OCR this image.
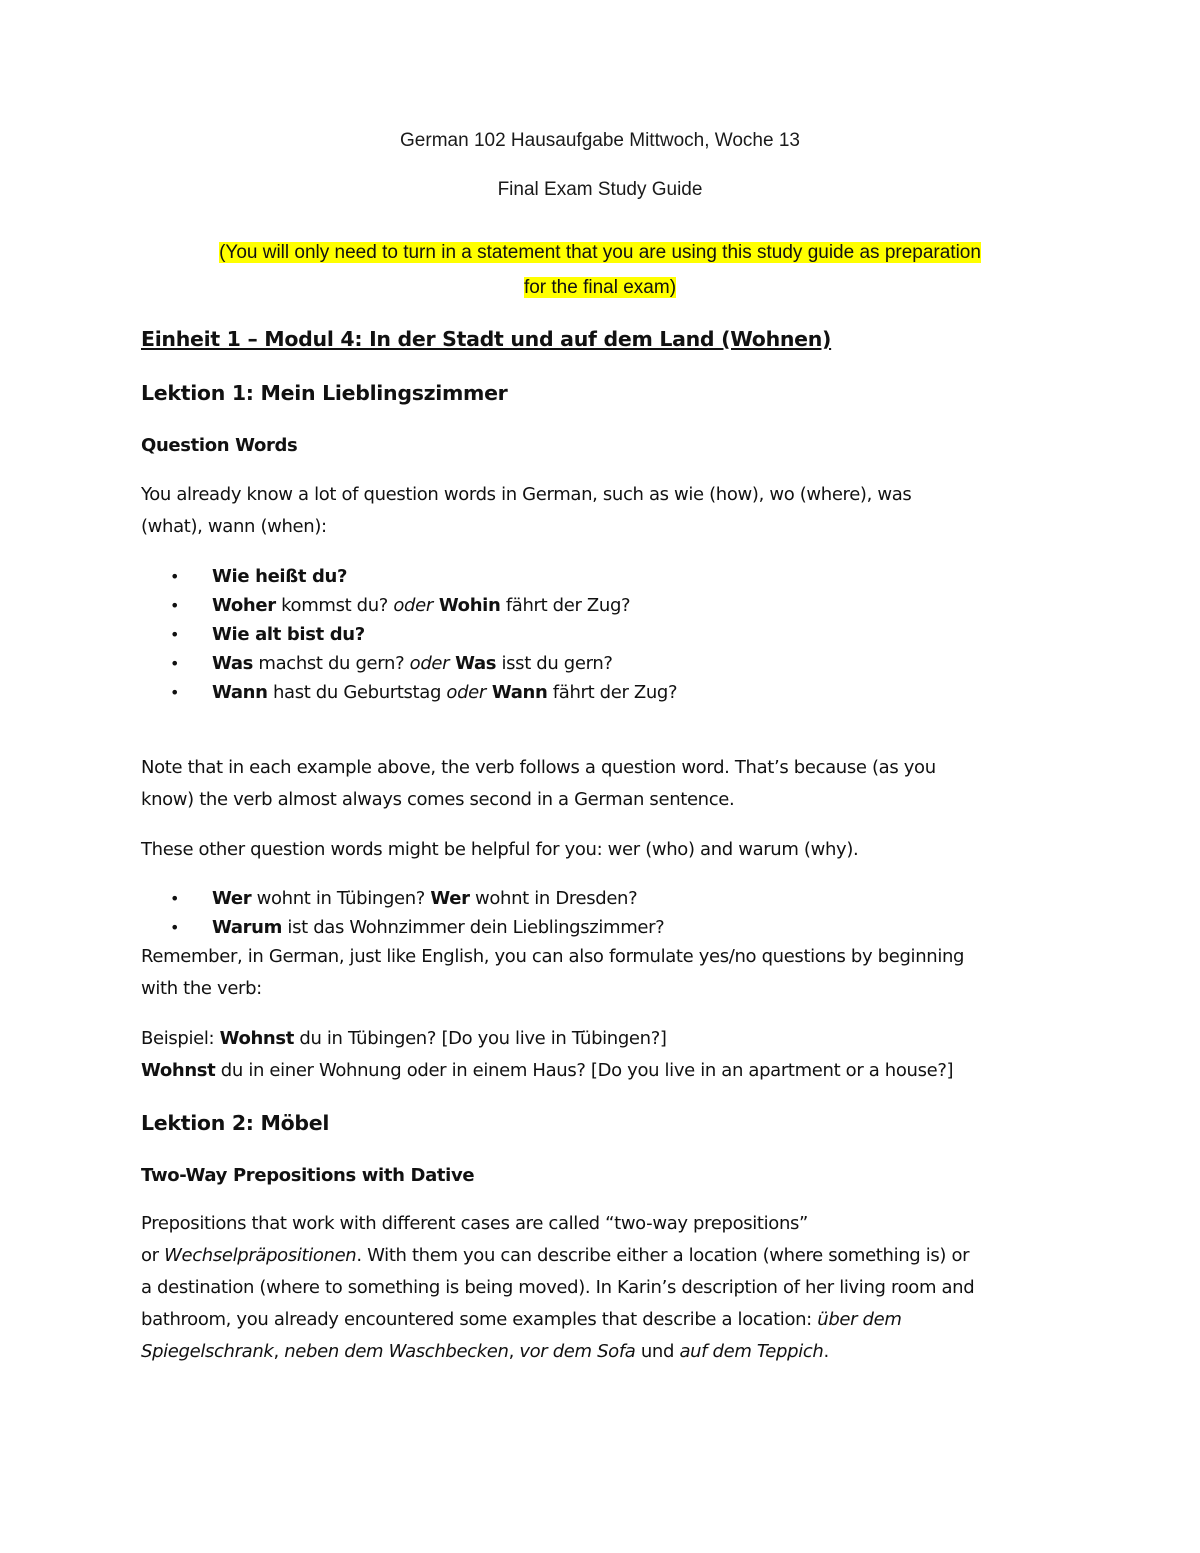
German 102 Hausaufgabe Mittwoch, Woche 13
Final Exam Study Guide
(You will only need to turn in a statement that you are using this study guide as preparation
for the final exam)
Einheit 1 – Modul 4: In der Stadt und auf dem Land (Wohnen)
Lektion 1: Mein Lieblingszimmer
Question Words
You already know a lot of question words in German, such as wie (how), wo (where), was
(what), wann (when):
• Wie heißt du?
• Woher kommst du? oder Wohin fährt der Zug?
• Wie alt bist du?
• Was machst du gern? oder Was isst du gern?
• Wann hast du Geburtstag oder Wann fährt der Zug?
Note that in each example above, the verb follows a question word. That’s because (as you
know) the verb almost always comes second in a German sentence.
These other question words might be helpful for you: wer (who) and warum (why).
• Wer wohnt in Tübingen? Wer wohnt in Dresden?
• Warum ist das Wohnzimmer dein Lieblingszimmer?
Remember, in German, just like English, you can also formulate yes/no questions by beginning
with the verb:
Beispiel: Wohnst du in Tübingen? [Do you live in Tübingen?]
Wohnst du in einer Wohnung oder in einem Haus? [Do you live in an apartment or a house?]
Lektion 2: Möbel
Two-Way Prepositions with Dative
Prepositions that work with different cases are called “two-way prepositions”
or Wechselpräpositionen. With them you can describe either a location (where something is) or
a destination (where to something is being moved). In Karin’s description of her living room and
bathroom, you already encountered some examples that describe a location: über dem
Spiegelschrank, neben dem Waschbecken, vor dem Sofa und auf dem Teppich.
